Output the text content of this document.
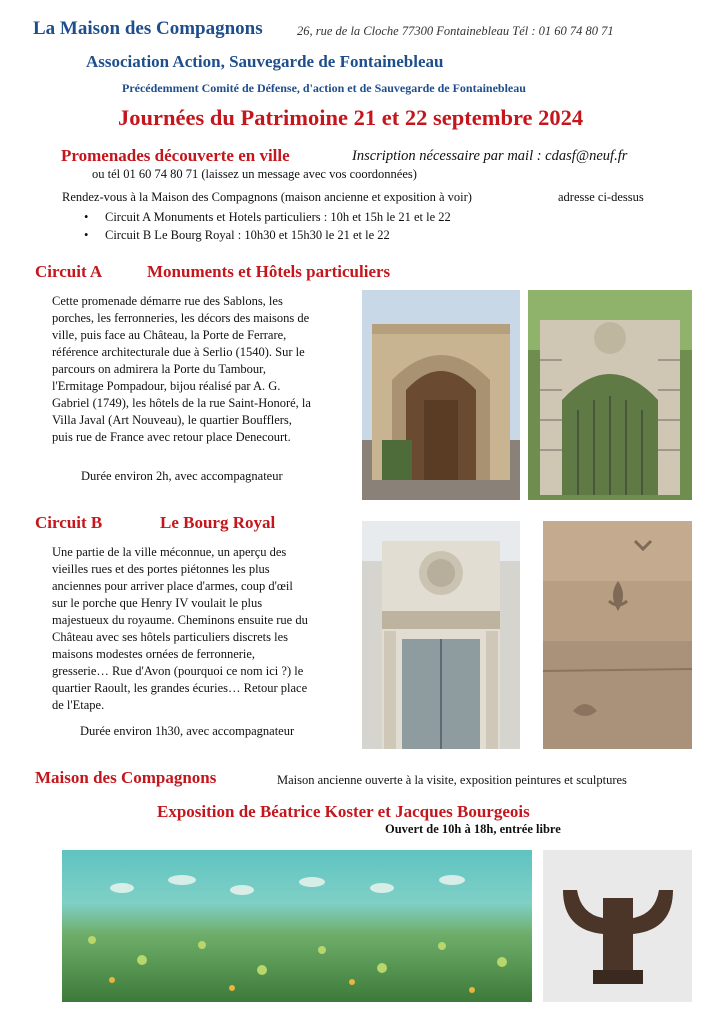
La Maison des Compagnons	26, rue de la Cloche 77300 Fontainebleau Tél : 01 60 74 80 71
Association Action, Sauvegarde de Fontainebleau
Précédemment Comité de Défense, d'action et de Sauvegarde de Fontainebleau
Journées du Patrimoine 21 et 22 septembre 2024
Promenades découverte en ville	Inscription nécessaire par mail : cdasf@neuf.fr
ou tél 01 60 74 80 71 (laissez un message avec vos coordonnées)
Rendez-vous à la Maison des Compagnons (maison ancienne et exposition à voir)	adresse ci-dessus
• Circuit A Monuments et Hotels particuliers : 10h et 15h le 21 et le 22
• Circuit B Le Bourg Royal : 10h30 et 15h30 le 21 et le 22
Circuit A	Monuments et Hôtels particuliers
Cette promenade démarre rue des Sablons, les
porches, les ferronneries, les décors des maisons de
ville, puis face au Château, la Porte de Ferrare,
référence architecturale due à Serlio (1540). Sur le
parcours on admirera la Porte du Tambour,
l'Ermitage Pompadour, bijou réalisé par A. G.
Gabriel (1749), les hôtels de la rue Saint-Honoré, la
Villa Javal (Art Nouveau), le quartier Boufflers,
puis rue de France avec retour place Denecourt.
Durée environ 2h, avec accompagnateur
Circuit B	Le Bourg Royal
Une partie de la ville méconnue, un aperçu des
vieilles rues et des portes piétonnes les plus
anciennes pour arriver place d'armes, coup d'œil
sur le porche que Henry IV voulait le plus
majestueux du royaume. Cheminons ensuite rue du
Château avec ses hôtels particuliers discrets les
maisons modestes ornées de ferronnerie,
gresserie… Rue d'Avon (pourquoi ce nom ici ?) le
quartier Raoult, les grandes écuries… Retour place
de l'Etape.
Durée environ 1h30, avec accompagnateur
Maison des Compagnons	Maison ancienne ouverte à la visite, exposition peintures et sculptures
Exposition de Béatrice Koster et Jacques Bourgeois
Ouvert de 10h à 18h, entrée libre
